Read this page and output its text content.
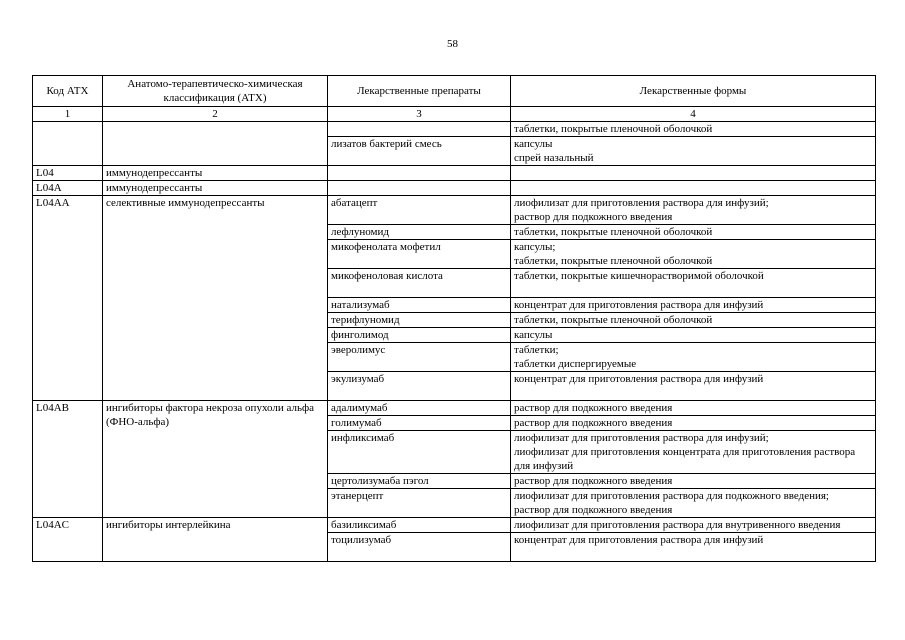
58
Код АТХ	Анатомо-терапевтическо-химическая классификация (АТХ)	Лекарственные препараты	Лекарственные формы
1	2	3	4

			таблетки, покрытые пленочной оболочкой

		лизатов бактерий смесь	капсулы
спрей назальный

L04	иммунодепрессанты		
L04A	иммунодепрессанты		
L04AA	селективные иммунодепрессанты	абатацепт	лиофилизат для приготовления раствора для инфузий;
раствор для подкожного введения

		лефлуномид	таблетки, покрытые пленочной оболочкой

		микофенолата мофетил	капсулы;
таблетки, покрытые пленочной оболочкой

		микофеноловая кислота	таблетки, покрытые кишечнорастворимой оболочкой

		натализумаб	концентрат для приготовления раствора для инфузий

		терифлуномид	таблетки, покрытые пленочной оболочкой

		финголимод	капсулы

		эверолимус	таблетки;
таблетки диспергируемые

		экулизумаб	концентрат для приготовления раствора для инфузий

L04AB	ингибиторы фактора некроза опухоли альфа (ФНО-альфа)	адалимумаб	раствор для подкожного введения

		голимумаб	раствор для подкожного введения

		инфликсимаб	лиофилизат для приготовления раствора для инфузий;
лиофилизат для приготовления концентрата для приготовления раствора для инфузий

		цертолизумаба пэгол	раствор для подкожного введения

		этанерцепт	лиофилизат для приготовления раствора для подкожного введения;
раствор для подкожного введения

L04AC	ингибиторы интерлейкина	базиликсимаб	лиофилизат для приготовления раствора для внутривенного введения

		тоцилизумаб	концентрат для приготовления раствора для инфузий
